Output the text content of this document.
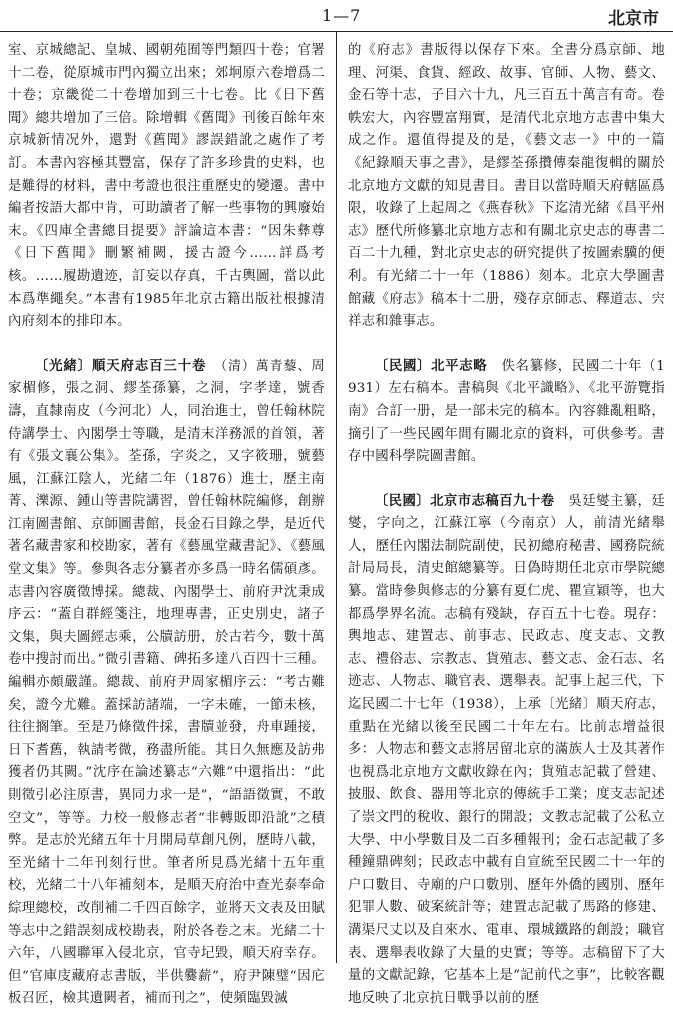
1—7	北京市

室、京城總記、皇城、國朝苑囿等門類四十卷；官署十二卷，從原城市門內獨立出來；郊坰原六卷增爲二十卷；京畿從二十卷增加到三十七卷。比《日下舊聞》總共增加了三倍。除增輯《舊聞》刊後百餘年來京城新情况外，還對《舊聞》謬誤錯訛之處作了考訂。本書內容極其豐富，保存了許多珍貴的史料，也是難得的材料，書中考證也很注重歷史的變遷。書中編者按語大都中肯，可助讀者了解一些事物的興廢始末。《四庫全書總目提要》評論這本書：“因朱彝尊《日下舊聞》刪繁補闕，援古證今……詳爲考核。……履勘遺迹，訂妄以存真，千古輿圖，當以此本爲準繩矣。”本書有1985年北京古籍出版社根據清內府刻本的排印本。

〔光緒〕順天府志百三十卷　 （清）萬青藜、周家楣修，張之洞、繆荃孫纂，之洞，字孝達，號香濤，直隸南皮（今河北）人，同治進士，曾任翰林院侍講學士、內閣學士等職，是清末洋務派的首領，著有《張文襄公集》。荃孫，字炎之，又字筱珊，號藝風，江蘇江陰人，光緒二年（1876）進士，歷主南菁、濼源、鍾山等書院講習，曾任翰林院編修，創辦江南圖書館、京師圖書館，長金石目錄之學，是近代著名藏書家和校勘家，著有《藝風堂藏書記》、《藝風堂文集》等。參與各志分纂者亦多爲一時名儒碩彥。志書內容廣徵博採。總裁、內閣學士、前府尹沈秉成序云：“蓋自群經箋注，地理專書，正史別史，諸子文集，與夫圖經志乘，公牘訪册，於古若今，數十萬卷中搜討而出。”微引書籍、碑拓多達八百四十三種。編輯亦頗嚴謹。總裁、前府尹周家楣序云：“考古難矣，證今尤難。蓋採訪諸端，一字未確，一節未核，往往搁筆。至是乃條徵件採，書牘並發，舟車踵接，日下耆舊，執請考微，務盡所能。其日久無應及訪弗獲者仍其闕。”沈序在論述纂志“六難”中還指出：“此則徵引必注原書，異同力求一是”，“語語徵實，不敢空文”，等等。力校一般修志者“非轉販即沿訛”之積弊。是志於光緒五年十月開局草創凡例，歷時八載，至光緒十二年刊刻行世。筆者所見爲光緒十五年重校，光緒二十八年補刻本，是順天府治中查光泰奉命綜理總校，改削補二千四百餘字，並將天文表及田賦等志中之錯誤刻成校勘表，附於各卷之末。光緒二十六年，八國聯軍入侵北京，官寺圮毀，順天府幸存。但“官庫庋藏府志書版，半供爨薪”，府尹陳璧“因庀板召匠，檢其遺闕者，補而刊之”，使頻臨毀滅

的《府志》書版得以保存下來。全書分爲京師、地理、河渠、食貨、經政、故事、官師、人物、藝文、金石等十志，子目六十九，凡三百五十萬言有奇。卷帙宏大，內容豐富翔實，是清代北京地方志書中集大成之作。還值得提及的是，《藝文志一》中的一篇《紀錄順天事之書》，是繆荃孫攢傳秦龍復輯的關於北京地方文獻的知見書目。書目以當時順天府轄區爲限，收錄了上起周之《燕春秋》下迄清光緒《昌平州志》歷代所修纂北京地方志和有關北京史志的專書二百二十九種，對北京史志的研究提供了按圖索驥的便利。有光緒二十一年（1886）刻本。北京大學圖書館藏《府志》稿本十二册，殘存京師志、釋道志、宍祥志和雜事志。

〔民國〕北平志略　 佚名纂修，民國二十年（1931）左右稿本。書稿與《北平識略》、《北平游覽指南》合訂一册，是一部未完的稿本。內容雜亂粗略，摘引了一些民國年間有關北京的資料，可供參考。書存中國科學院圖書館。

〔民國〕北京市志稿百九十卷　 吳廷燮主纂，廷燮，字向之，江蘇江寧（今南京）人，前清光緒舉人，歷任內閣法制院副使，民初總府秘書、國務院統計局局長，清史館總纂等。日偽時期任北京市學院總纂。當時參與修志的分纂有夏仁虎、瞿宣穎等，也大都爲學界名流。志稿有殘缺，存百五十七卷。現存：輿地志、建置志、前事志、民政志、度支志、文教志、禮俗志、宗教志、貨殖志、藝文志、金石志、名迹志、人物志、職官表、選舉表。記事上起三代，下迄民國二十七年（1938），上承〔光緒〕順天府志，重點在光緒以後至民國二十年左右。比前志增益很多：人物志和藝文志將居留北京的滿族人士及其著作也視爲北京地方文獻收錄在內；貨殖志記載了營建、披服、飲食、器用等北京的傳統手工業；度支志記述了崇文門的稅收、銀行的開設；文教志記載了公私立大學、中小學數目及二百多種報刊；金石志記載了多種鐘鼎碑刻；民政志中載有自宣統至民國二十一年的户口數目、寺廟的户口數別、歷年外僑的國別、歷年犯罪人數、破案統計等；建置志記載了馬路的修建、溝渠尺丈以及自來水、電車、環城鐵路的創設；職官表、選舉表收錄了大量的史實；等等。志稿留下了大量的文獻記錄，它基本上是“記前代之事”，比較客觀地反映了北京抗日戰爭以前的歷
